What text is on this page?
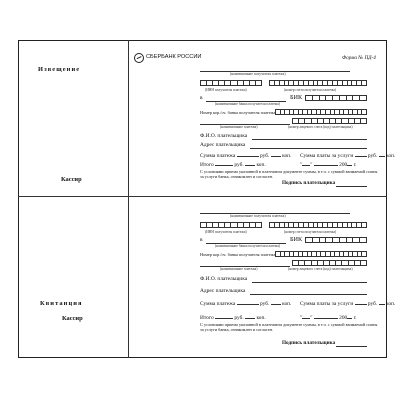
Извещение
Кассир
Квитанция
Кассир
СБЕРБАНК РОССИИ	Форма № ПД-4
(наименование получателя платежа)
(ИНН получателя платежа)	(номер счета получателя платежа)
в	БИК
(наименование банка получателя платежа)
Номер кор./сч. банка получателя платежа
(наименование платежа)	(номер лицевого счета (код) плательщика)
Ф.И.О. плательщика
Адрес плательщика
Сумма платежа	руб. коп. Сумма платы за услуги	руб. коп.
Итого	руб. коп.	" "	200 г.
С условиями приема указанной в платежном документе суммы, в т.ч. с суммой взимаемой платы за услуги банка, ознакомлен и согласен.
Подпись плательщика
(наименование получателя платежа)
(ИНН получателя платежа)	(номер счета получателя платежа)
в	БИК
(наименование банка получателя платежа)
Номер кор./сч. банка получателя платежа
(наименование платежа)	(номер лицевого счета (код) плательщика)
Ф.И.О. плательщика
Адрес плательщика
Сумма платежа	руб. коп. Сумма платы за услуги	руб. коп.
Итого	руб. коп.	" "	200 г.
С условиями приема указанной в платежном документе суммы, в т.ч. с суммой взимаемой платы за услуги банка, ознакомлен и согласен.
Подпись плательщика
